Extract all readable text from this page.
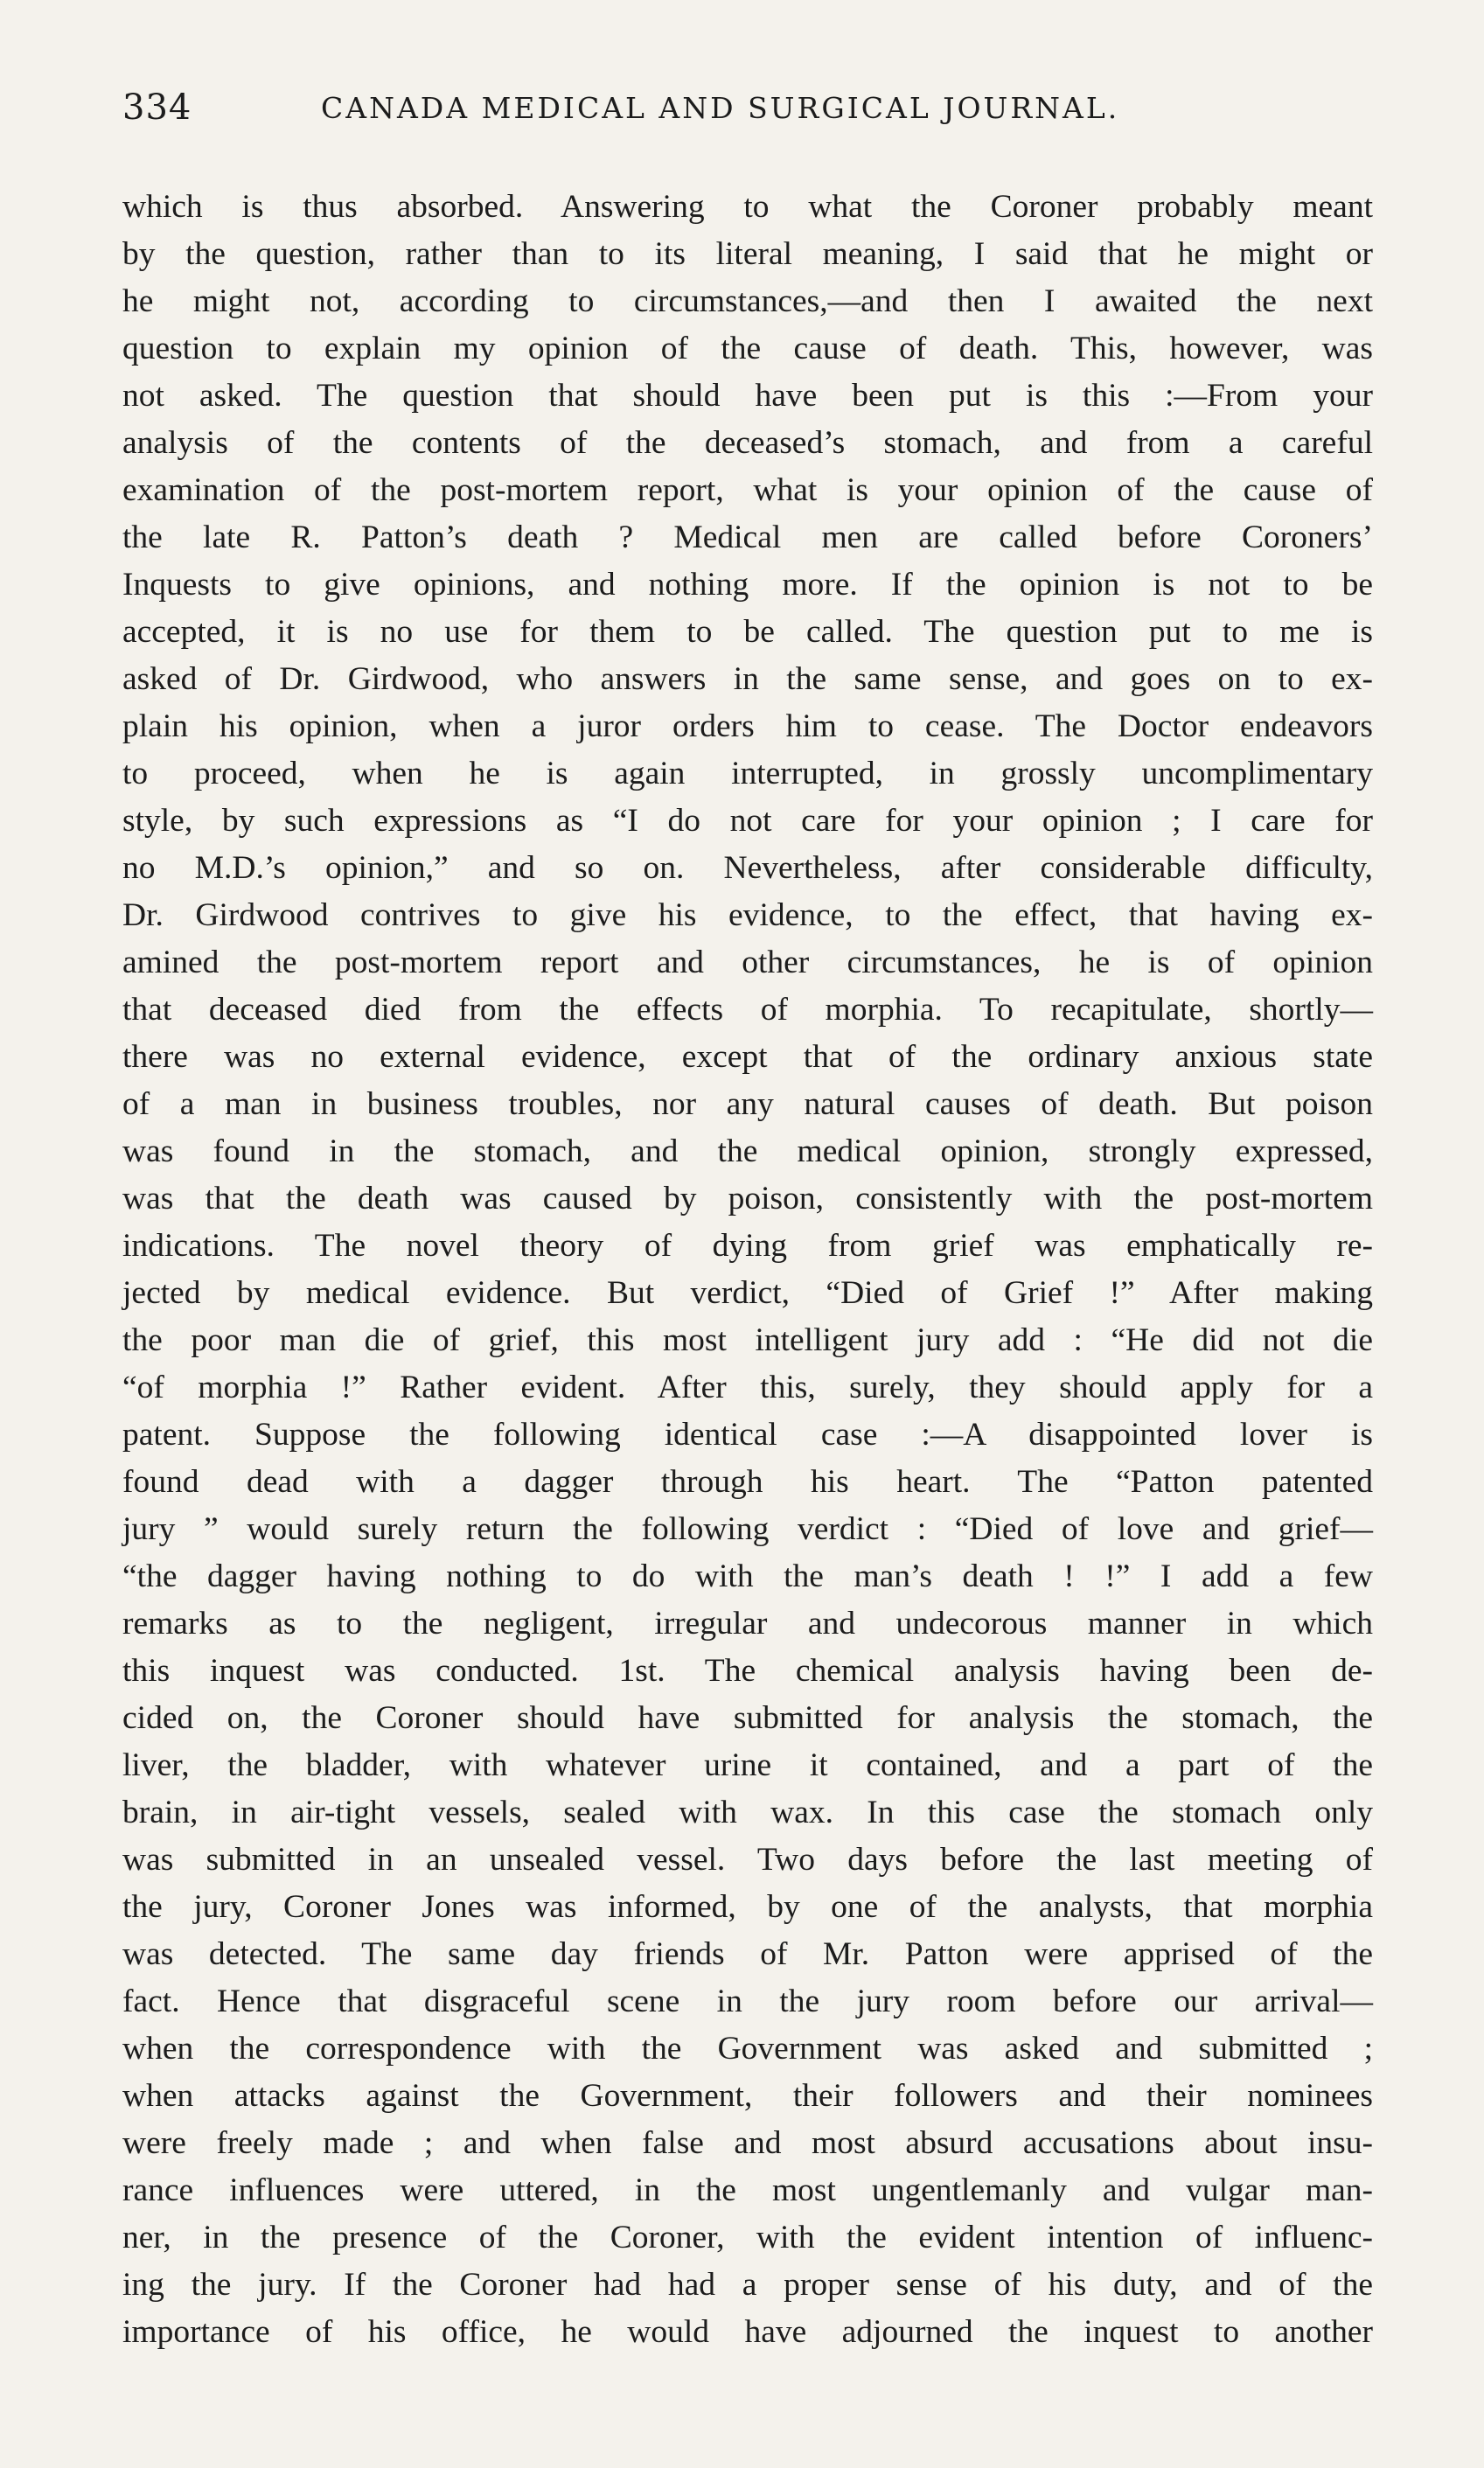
334	CANADA MEDICAL AND SURGICAL JOURNAL.
which is thus absorbed. Answering to what the Coroner probably meant
by the question, rather than to its literal meaning, I said that he might or
he might not, according to circumstances,—and then I awaited the next
question to explain my opinion of the cause of death. This, however, was
not asked. The question that should have been put is this :—From your
analysis of the contents of the deceased’s stomach, and from a careful
examination of the post-mortem report, what is your opinion of the cause of
the late R. Patton’s death ? Medical men are called before Coroners’
Inquests to give opinions, and nothing more. If the opinion is not to be
accepted, it is no use for them to be called. The question put to me is
asked of Dr. Girdwood, who answers in the same sense, and goes on to ex-
plain his opinion, when a juror orders him to cease. The Doctor endeavors
to proceed, when he is again interrupted, in grossly uncomplimentary
style, by such expressions as “I do not care for your opinion ; I care for
no M.D.’s opinion,” and so on. Nevertheless, after considerable difficulty,
Dr. Girdwood contrives to give his evidence, to the effect, that having ex-
amined the post-mortem report and other circumstances, he is of opinion
that deceased died from the effects of morphia. To recapitulate, shortly—
there was no external evidence, except that of the ordinary anxious state
of a man in business troubles, nor any natural causes of death. But poison
was found in the stomach, and the medical opinion, strongly expressed,
was that the death was caused by poison, consistently with the post-mortem
indications. The novel theory of dying from grief was emphatically re-
jected by medical evidence. But verdict, “Died of Grief !” After making
the poor man die of grief, this most intelligent jury add : “He did not die
“of morphia !” Rather evident. After this, surely, they should apply for a
patent. Suppose the following identical case :—A disappointed lover is
found dead with a dagger through his heart. The “Patton patented
jury ” would surely return the following verdict : “Died of love and grief—
“the dagger having nothing to do with the man’s death ! !” I add a few
remarks as to the negligent, irregular and undecorous manner in which
this inquest was conducted. 1st. The chemical analysis having been de-
cided on, the Coroner should have submitted for analysis the stomach, the
liver, the bladder, with whatever urine it contained, and a part of the
brain, in air-tight vessels, sealed with wax. In this case the stomach only
was submitted in an unsealed vessel. Two days before the last meeting of
the jury, Coroner Jones was informed, by one of the analysts, that morphia
was detected. The same day friends of Mr. Patton were apprised of the
fact. Hence that disgraceful scene in the jury room before our arrival—
when the correspondence with the Government was asked and submitted ;
when attacks against the Government, their followers and their nominees
were freely made ; and when false and most absurd accusations about insu-
rance influences were uttered, in the most ungentlemanly and vulgar man-
ner, in the presence of the Coroner, with the evident intention of influenc-
ing the jury. If the Coroner had had a proper sense of his duty, and of the
importance of his office, he would have adjourned the inquest to another
